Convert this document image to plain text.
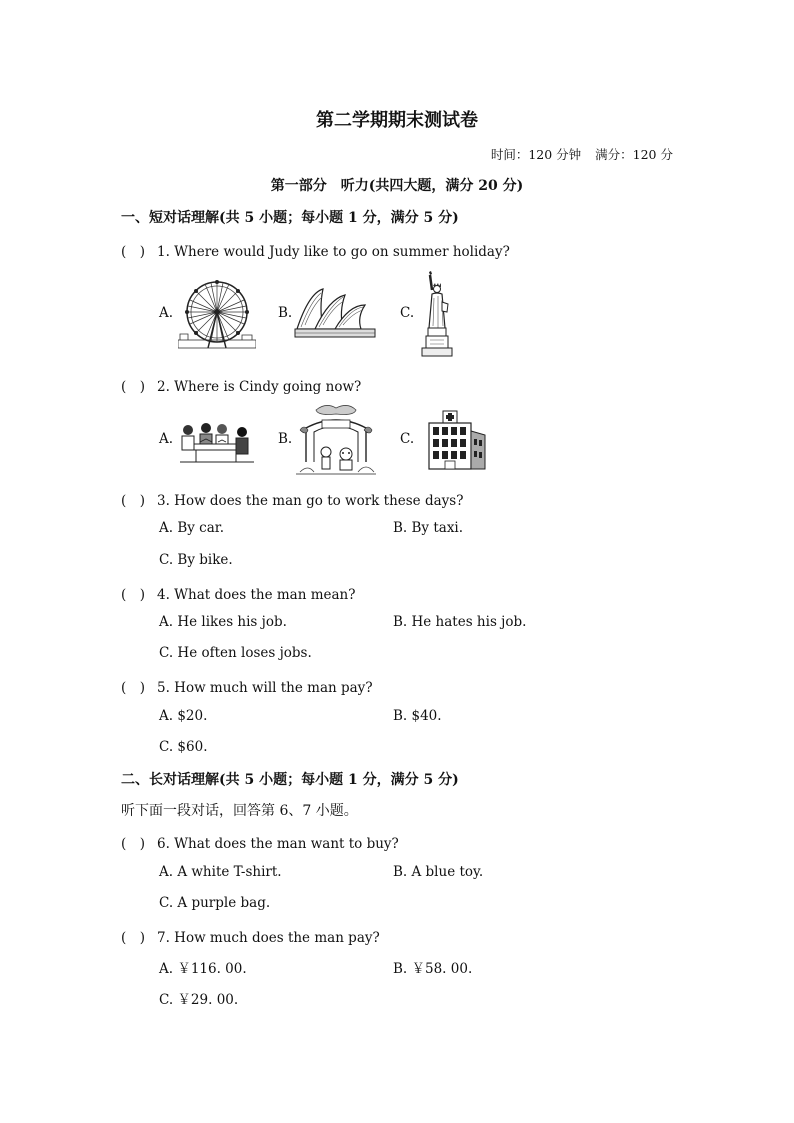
第二学期期末测试卷
时间：120 分钟 满分：120 分
第一部分　听力(共四大题，满分 20 分)
一、短对话理解(共 5 小题；每小题 1 分，满分 5 分)
(　) 1. Where would Judy like to go on summer holiday?
A.	B.	C.
(　) 2. Where is Cindy going now?
A.	B.	C.
(　) 3. How does the man go to work these days?
A. By car.	B. By taxi.
C. By bike.
(　) 4. What does the man mean?
A. He likes his job.	B. He hates his job.
C. He often loses jobs.
(　) 5. How much will the man pay?
A. $20.	B. $40.
C. $60.
二、长对话理解(共 5 小题；每小题 1 分，满分 5 分)
听下面一段对话，回答第 6、7 小题。
(　) 6. What does the man want to buy?
A. A white T-shirt.	B. A blue toy.
C. A purple bag.
(　) 7. How much does the man pay?
A. ￥116. 00.	B. ￥58. 00.
C. ￥29. 00.
